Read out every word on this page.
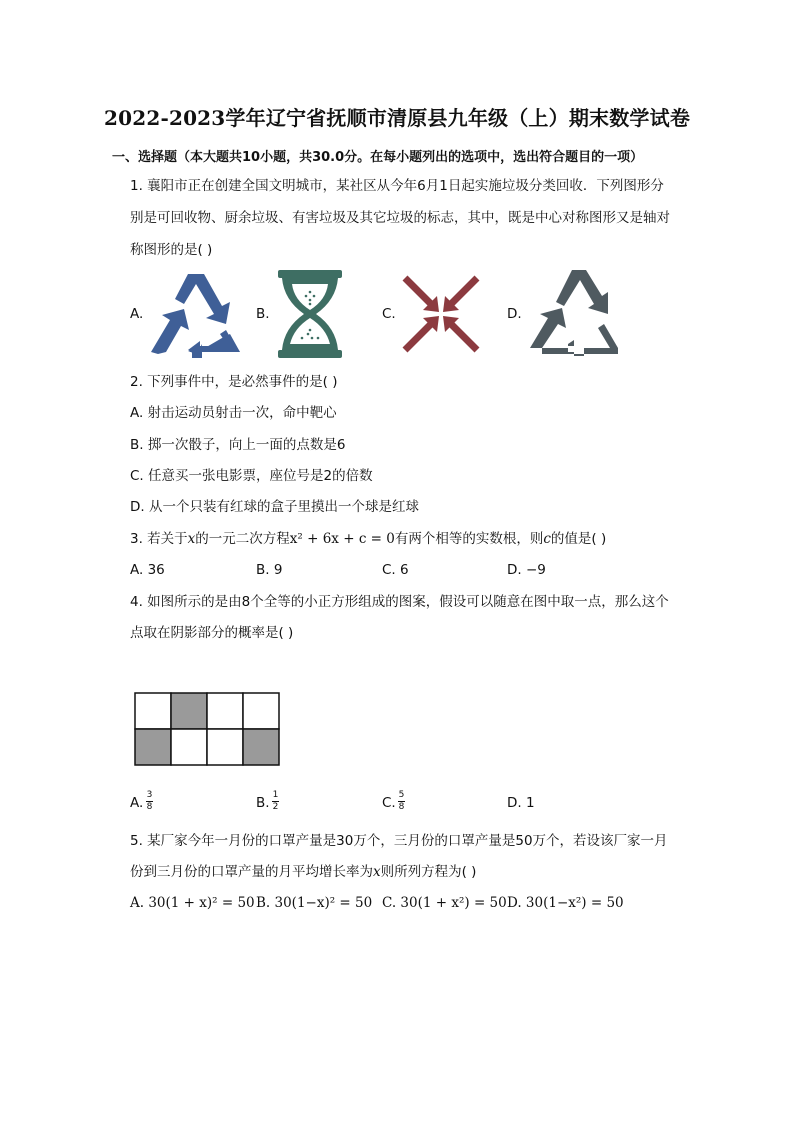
2022-2023学年辽宁省抚顺市清原县九年级（上）期末数学试卷
一、选择题（本大题共10小题，共30.0分。在每小题列出的选项中，选出符合题目的一项）
1. 襄阳市正在创建全国文明城市，某社区从今年6月1日起实施垃圾分类回收．下列图形分
别是可回收物、厨余垃圾、有害垃圾及其它垃圾的标志，其中，既是中心对称图形又是轴对
称图形的是( )
A.	B.	C.	D.
2. 下列事件中，是必然事件的是( )
A. 射击运动员射击一次，命中靶心
B. 掷一次骰子，向上一面的点数是6
C. 任意买一张电影票，座位号是2的倍数
D. 从一个只装有红球的盒子里摸出一个球是红球
3. 若关于x的一元二次方程x² + 6x + c = 0有两个相等的实数根，则c的值是( )
A. 36	B. 9	C. 6	D. −9
4. 如图所示的是由8个全等的小正方形组成的图案，假设可以随意在图中取一点，那么这个
点取在阴影部分的概率是( )
A. 3
8	B. 1
2	C. 5
8	D. 1
5. 某厂家今年一月份的口罩产量是30万个，三月份的口罩产量是50万个，若设该厂家一月
份到三月份的口罩产量的月平均增长率为x则所列方程为( )
A. 30(1 + x)² = 50 B. 30(1−x)² = 50 C. 30(1 + x²) = 50 D. 30(1−x²) = 50
